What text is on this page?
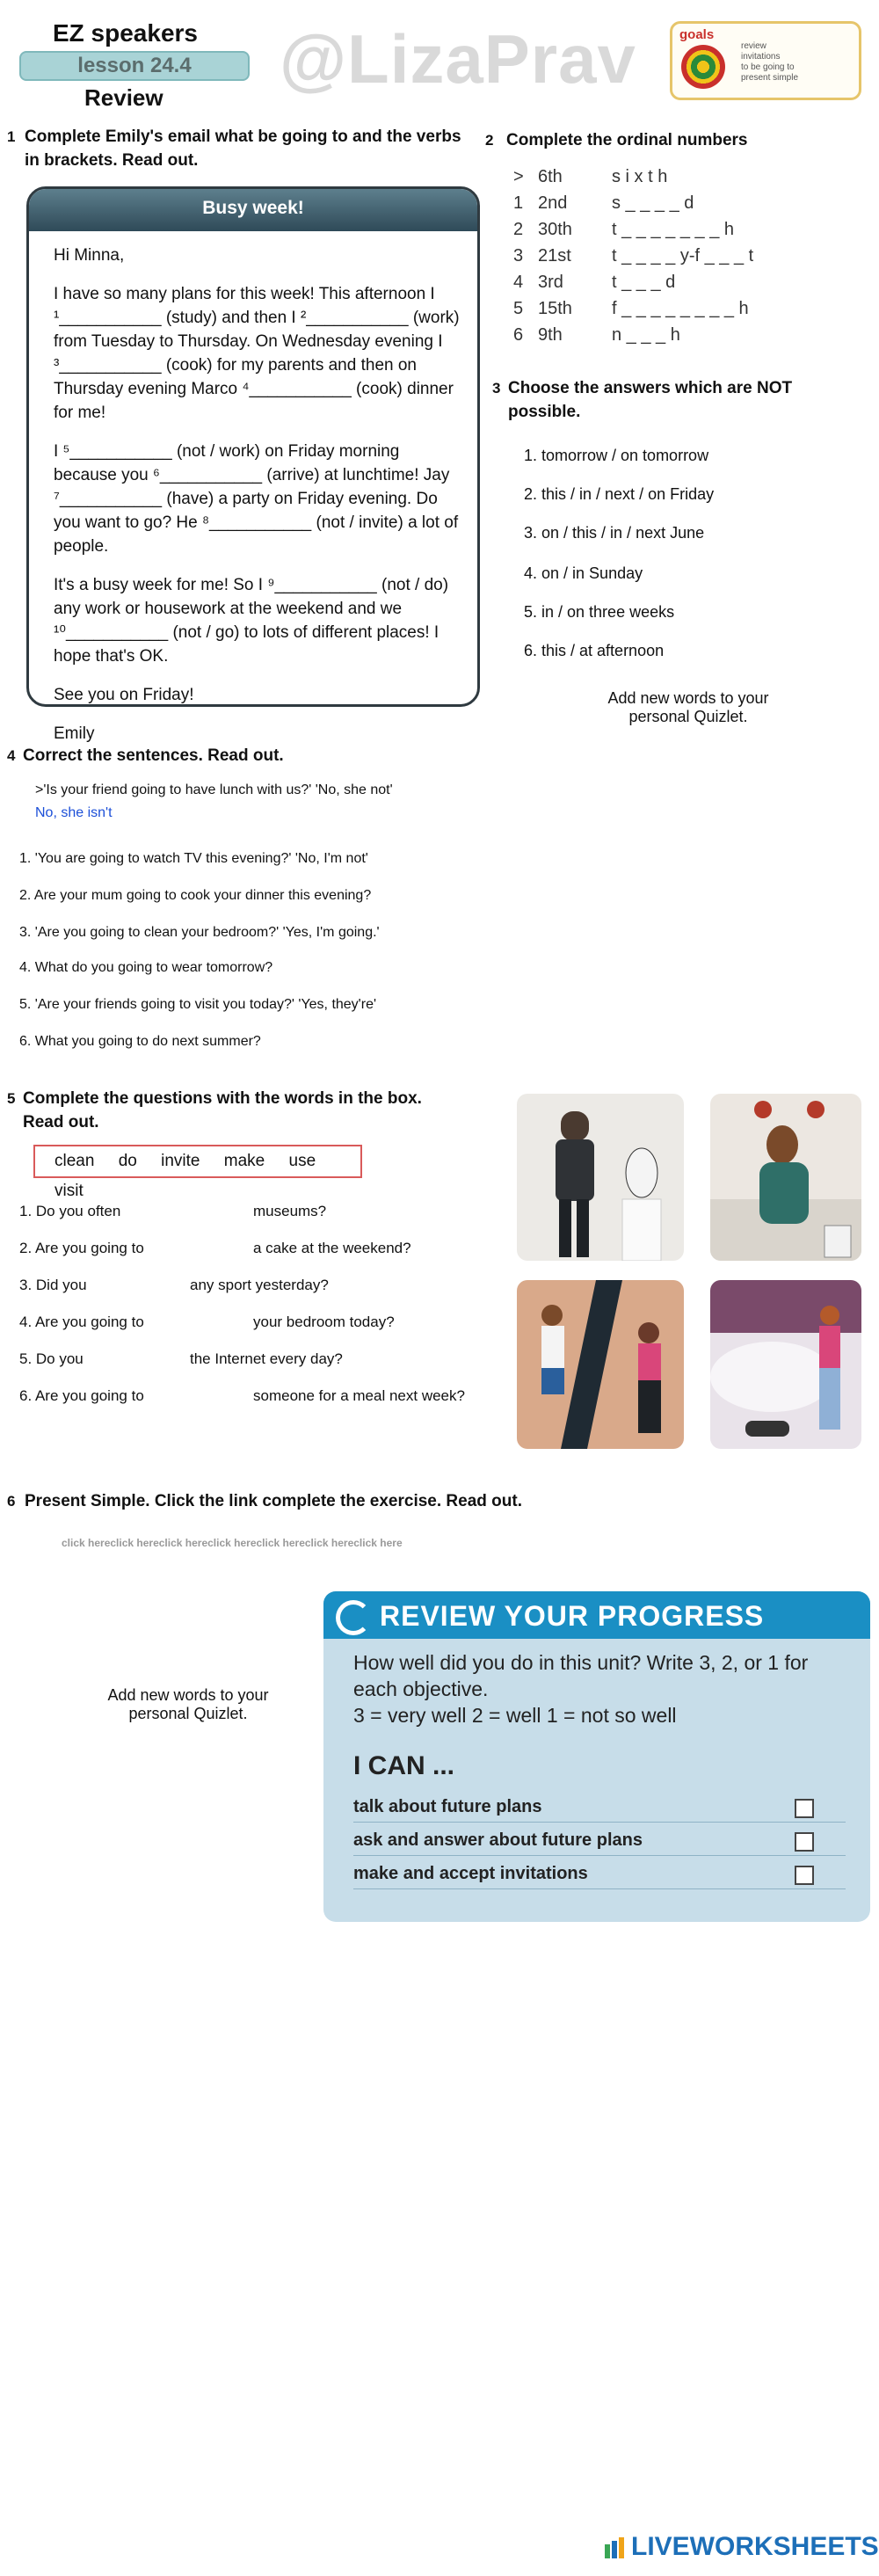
EZ speakers
lesson 24.4
Review @LizaPrav	goals
review
invitations
to be going to
present simple
1 Complete Emily's email what be going to and the verbs
in brackets. Read out.
Busy week!

Hi Minna,

I have so many plans for this week! This afternoon I ¹___________ (study) and then I ²___________ (work) from Tuesday to Thursday. On Wednesday evening I ³___________ (cook) for my parents and then on Thursday evening Marco ⁴___________ (cook) dinner for me!

I ⁵___________ (not / work) on Friday morning because you ⁶___________ (arrive) at lunchtime! Jay ⁷___________ (have) a party on Friday evening. Do you want to go? He ⁸___________ (not / invite) a lot of people.

It's a busy week for me! So I ⁹___________ (not / do) any work or housework at the weekend and we ¹⁰___________ (not / go) to lots of different places! I hope that's OK.

See you on Friday!

Emily

2 Complete the ordinal numbers
> 6th	s i x t h
1 2nd	s _ _ _ _ d
2 30th t _ _ _ _ _ _ _ h
3 21st t _ _ _ _ y-f _ _ _ t
4 3rd	t _ _ _ d
5 15th f _ _ _ _ _ _ _ _ h
6 9th	n _ _ _ h
3 Choose the answers which are NOT
possible.
1. tomorrow / on tomorrow
2. this / in / next / on Friday
3. on / this / in / next June
4. on / in Sunday
5. in / on three weeks
6. this / at afternoon
Add new words to your personal Quizlet.
4 Correct the sentences. Read out.
>'Is your friend going to have lunch with us?' 'No, she not'
No, she isn't
1. 'You are going to watch TV this evening?' 'No, I'm not'
2. Are your mum going to cook your dinner this evening?
3. 'Are you going to clean your bedroom?' 'Yes, I'm going.'
4. What do you going to wear tomorrow?
5. 'Are your friends going to visit you today?' 'Yes, they're'
6. What you going to do next summer?
5 Complete the questions with the words in the box.
Read out.
clean do invite make use visit
1. Do you often	museums?
2. Are you going to	a cake at the weekend?
3. Did you	any sport yesterday?
4. Are you going to	your bedroom today?
5. Do you	the Internet every day?
6. Are you going to	someone for a meal next week?
6 Present Simple. Click the link complete the exercise. Read out.
click hereclick hereclick hereclick hereclick hereclick hereclick here
Add new words to your personal Quizlet.
REVIEW YOUR PROGRESS
How well did you do in this unit? Write 3, 2, or 1 for each objective.
3 = very well 2 = well 1 = not so well
I CAN ...
talk about future plans
ask and answer about future plans
make and accept invitations
LIVEWORKSHEETS
